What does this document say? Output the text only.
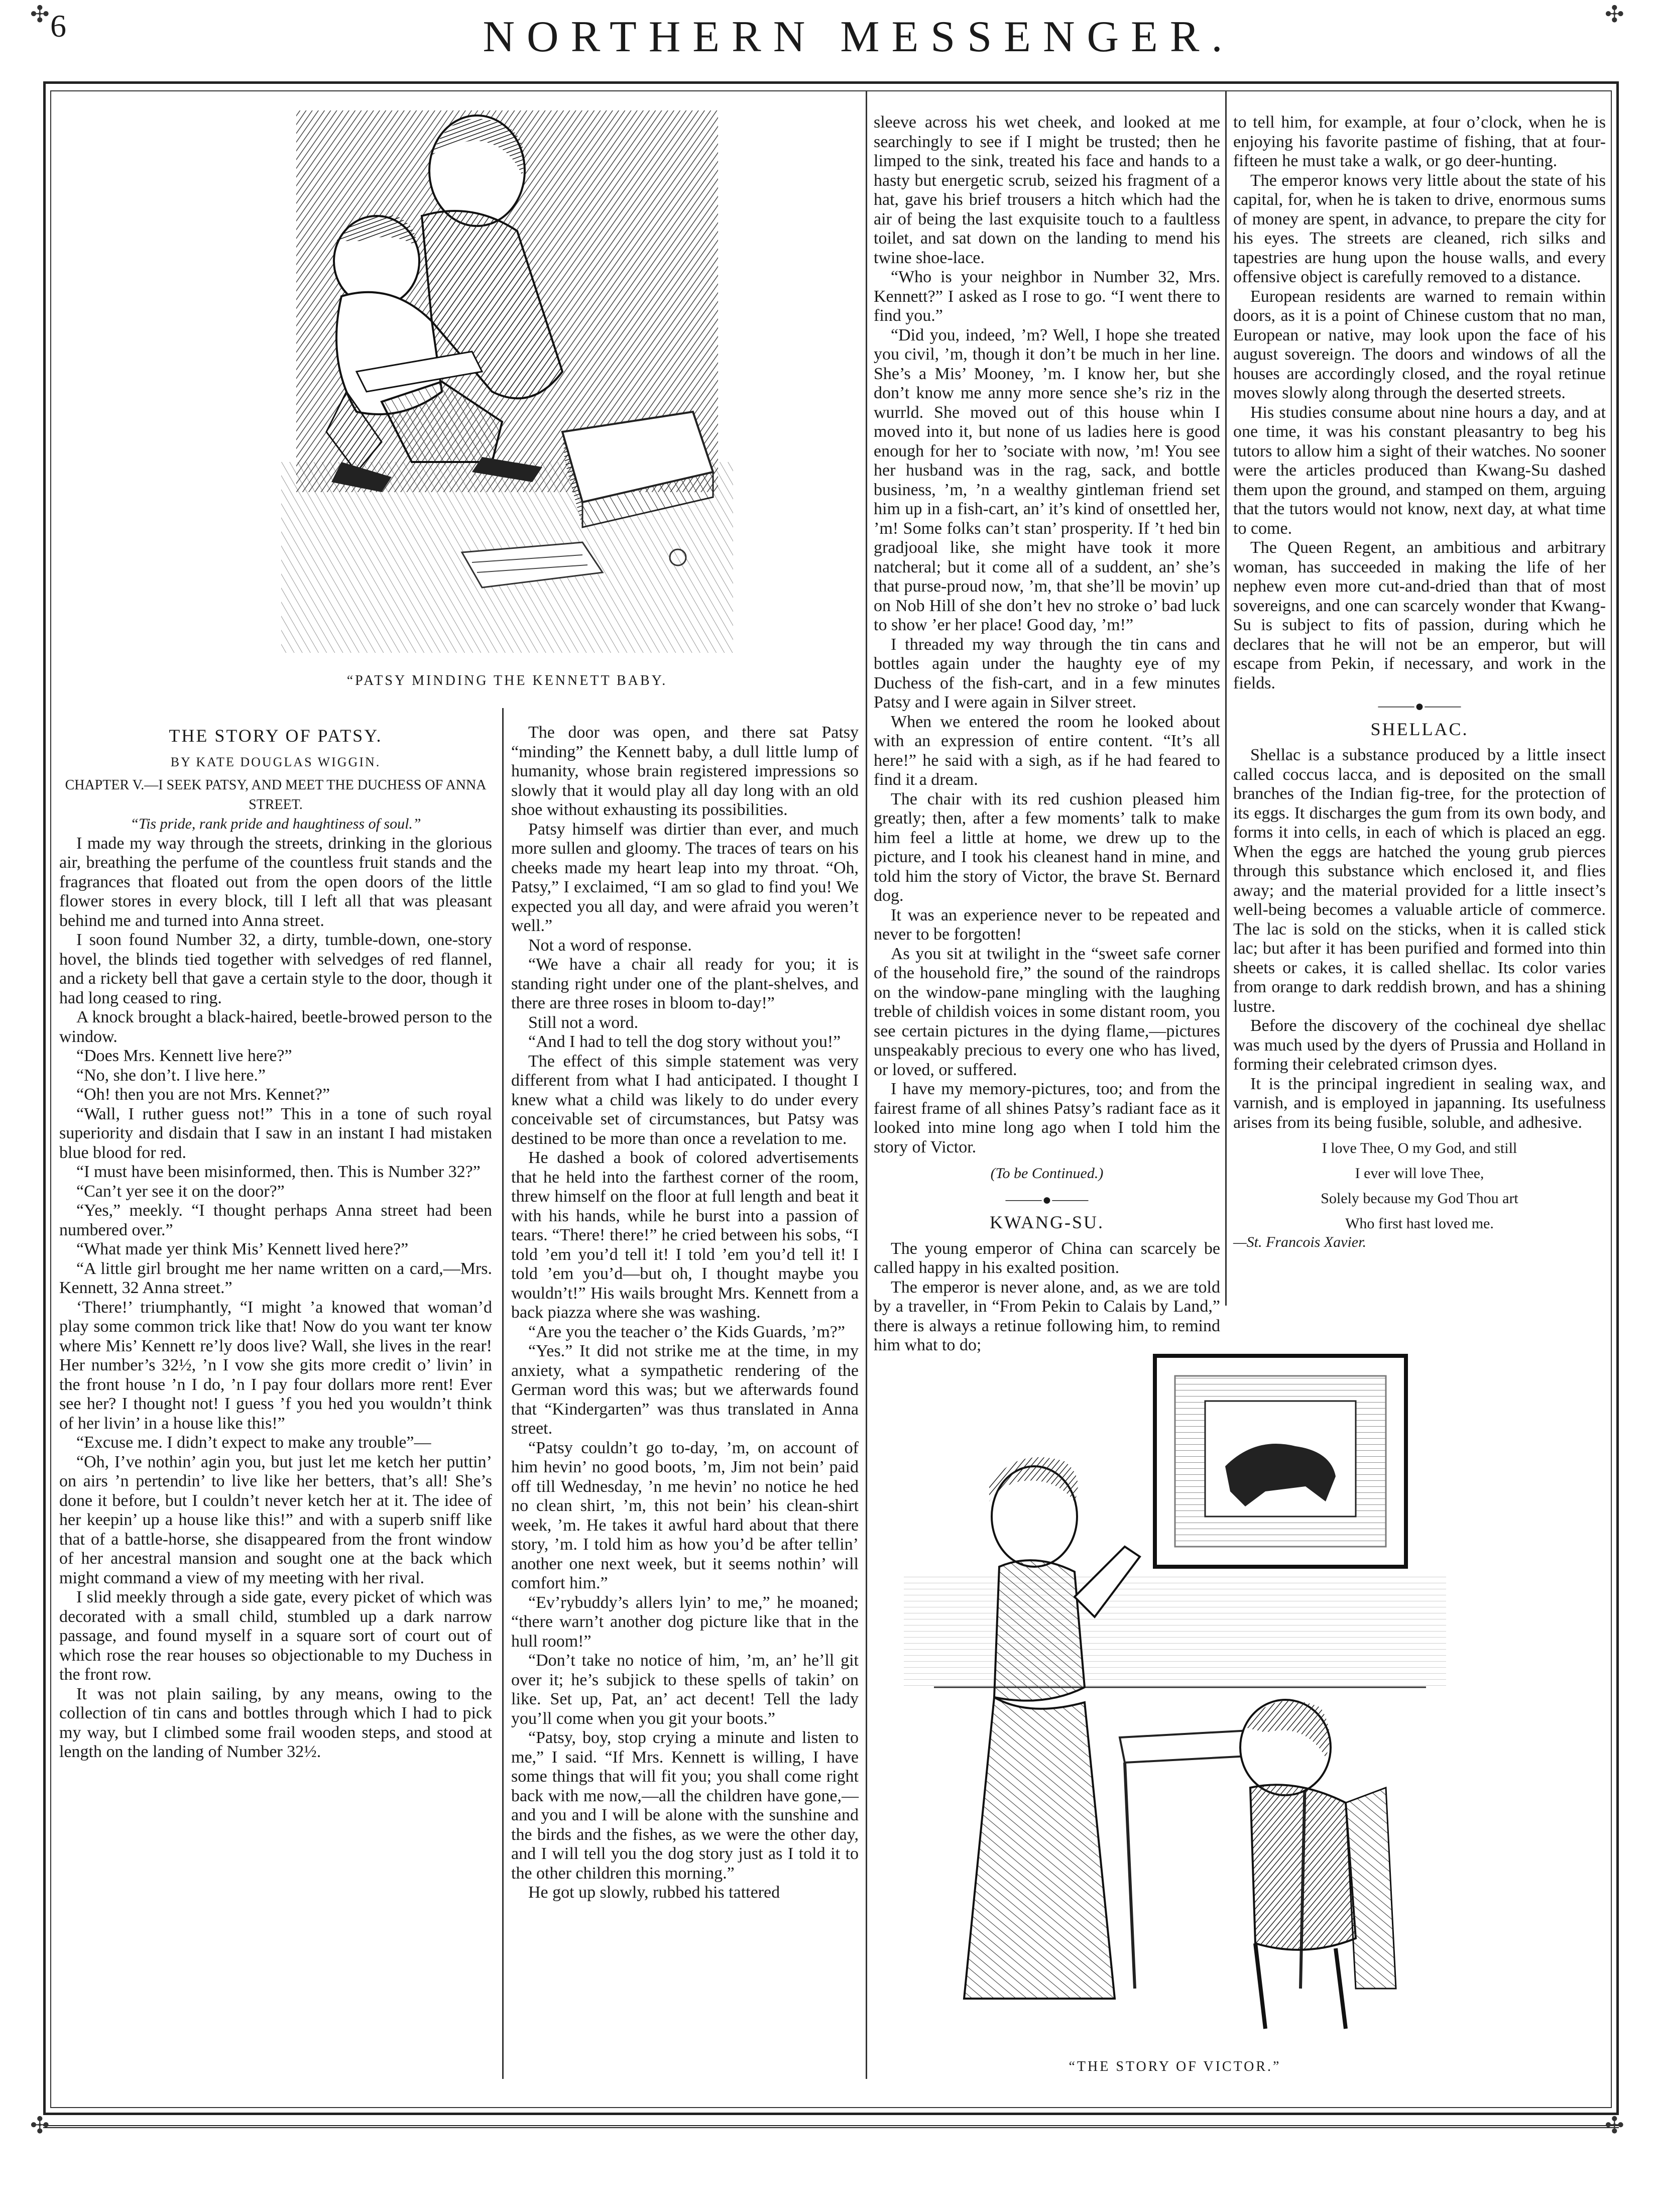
✣	✣
6	NORTHERN MESSENGER.
✣	✣
“PATSY MINDING THE KENNETT BABY.

THE STORY OF PATSY.

BY KATE DOUGLAS WIGGIN.

CHAPTER V.—I SEEK PATSY, AND MEET THE DUCHESS OF ANNA STREET.

“Tis pride, rank pride and haughtiness of soul.”

I made my way through the streets, drinking in the glorious air, breathing the perfume of the countless fruit stands and the fragrances that floated out from the open doors of the little flower stores in every block, till I left all that was pleasant behind me and turned into Anna street.

I soon found Number 32, a dirty, tumble-down, one-story hovel, the blinds tied together with selvedges of red flannel, and a rickety bell that gave a certain style to the door, though it had long ceased to ring.

A knock brought a black-haired, beetle-browed person to the window.

“Does Mrs. Kennett live here?”

“No, she don’t. I live here.”

“Oh! then you are not Mrs. Kennet?”

“Wall, I ruther guess not!” This in a tone of such royal superiority and disdain that I saw in an instant I had mistaken blue blood for red.

“I must have been misinformed, then. This is Number 32?”

“Can’t yer see it on the door?”

“Yes,” meekly. “I thought perhaps Anna street had been numbered over.”

“What made yer think Mis’ Kennett lived here?”

“A little girl brought me her name written on a card,—Mrs. Kennett, 32 Anna street.”

‘There!’ triumphantly, “I might ’a knowed that woman’d play some common trick like that! Now do you want ter know where Mis’ Kennett re’ly doos live? Wall, she lives in the rear! Her number’s 32½, ’n I vow she gits more credit o’ livin’ in the front house ’n I do, ’n I pay four dollars more rent! Ever see her? I thought not! I guess ’f you hed you wouldn’t think of her livin’ in a house like this!”

“Excuse me. I didn’t expect to make any trouble”—

“Oh, I’ve nothin’ agin you, but just let me ketch her puttin’ on airs ’n pertendin’ to live like her betters, that’s all! She’s done it before, but I couldn’t never ketch her at it. The idee of her keepin’ up a house like this!” and with a superb sniff like that of a battle-horse, she disappeared from the front window of her ancestral mansion and sought one at the back which might command a view of my meeting with her rival.

I slid meekly through a side gate, every picket of which was decorated with a small child, stumbled up a dark narrow passage, and found myself in a square sort of court out of which rose the rear houses so objectionable to my Duchess in the front row.

It was not plain sailing, by any means, owing to the collection of tin cans and bottles through which I had to pick my way, but I climbed some frail wooden steps, and stood at length on the landing of Number 32½.

The door was open, and there sat Patsy “minding” the Kennett baby, a dull little lump of humanity, whose brain registered impressions so slowly that it would play all day long with an old shoe without exhausting its possibilities.

Patsy himself was dirtier than ever, and much more sullen and gloomy. The traces of tears on his cheeks made my heart leap into my throat. “Oh, Patsy,” I exclaimed, “I am so glad to find you! We expected you all day, and were afraid you weren’t well.”

Not a word of response.

“We have a chair all ready for you; it is standing right under one of the plant-shelves, and there are three roses in bloom to-day!”

Still not a word.

“And I had to tell the dog story without you!”

The effect of this simple statement was very different from what I had anticipated. I thought I knew what a child was likely to do under every conceivable set of circumstances, but Patsy was destined to be more than once a revelation to me.

He dashed a book of colored advertisements that he held into the farthest corner of the room, threw himself on the floor at full length and beat it with his hands, while he burst into a passion of tears. “There! there!” he cried between his sobs, “I told ’em you’d tell it! I told ’em you’d tell it! I told ’em you’d—but oh, I thought maybe you wouldn’t!” His wails brought Mrs. Kennett from a back piazza where she was washing.

“Are you the teacher o’ the Kids Guards, ’m?”

“Yes.” It did not strike me at the time, in my anxiety, what a sympathetic rendering of the German word this was; but we afterwards found that “Kindergarten” was thus translated in Anna street.

“Patsy couldn’t go to-day, ’m, on account of him hevin’ no good boots, ’m, Jim not bein’ paid off till Wednesday, ’n me hevin’ no notice he hed no clean shirt, ’m, this not bein’ his clean-shirt week, ’m. He takes it awful hard about that there story, ’m. I told him as how you’d be after tellin’ another one next week, but it seems nothin’ will comfort him.”

“Ev’rybuddy’s allers lyin’ to me,” he moaned; “there warn’t another dog picture like that in the hull room!”

“Don’t take no notice of him, ’m, an’ he’ll git over it; he’s subjick to these spells of takin’ on like. Set up, Pat, an’ act decent! Tell the lady you’ll come when you git your boots.”

“Patsy, boy, stop crying a minute and listen to me,” I said. “If Mrs. Kennett is willing, I have some things that will fit you; you shall come right back with me now,—all the children have gone,—and you and I will be alone with the sunshine and the birds and the fishes, as we were the other day, and I will tell you the dog story just as I told it to the other children this morning.”

He got up slowly, rubbed his tattered

sleeve across his wet cheek, and looked at me searchingly to see if I might be trusted; then he limped to the sink, treated his face and hands to a hasty but energetic scrub, seized his fragment of a hat, gave his brief trousers a hitch which had the air of being the last exquisite touch to a faultless toilet, and sat down on the landing to mend his twine shoe-lace.

“Who is your neighbor in Number 32, Mrs. Kennett?” I asked as I rose to go. “I went there to find you.”

“Did you, indeed, ’m? Well, I hope she treated you civil, ’m, though it don’t be much in her line. She’s a Mis’ Mooney, ’m. I know her, but she don’t know me anny more sence she’s riz in the wurrld. She moved out of this house whin I moved into it, but none of us ladies here is good enough for her to ’sociate with now, ’m! You see her husband was in the rag, sack, and bottle business, ’m, ’n a wealthy gintleman friend set him up in a fish-cart, an’ it’s kind of onsettled her, ’m! Some folks can’t stan’ prosperity. If ’t hed bin gradjooal like, she might have took it more natcheral; but it come all of a suddent, an’ she’s that purse-proud now, ’m, that she’ll be movin’ up on Nob Hill of she don’t hev no stroke o’ bad luck to show ’er her place! Good day, ’m!”

I threaded my way through the tin cans and bottles again under the haughty eye of my Duchess of the fish-cart, and in a few minutes Patsy and I were again in Silver street.

When we entered the room he looked about with an expression of entire content. “It’s all here!” he said with a sigh, as if he had feared to find it a dream.

The chair with its red cushion pleased him greatly; then, after a few moments’ talk to make him feel a little at home, we drew up to the picture, and I took his cleanest hand in mine, and told him the story of Victor, the brave St. Bernard dog.

It was an experience never to be repeated and never to be forgotten!

As you sit at twilight in the “sweet safe corner of the household fire,” the sound of the raindrops on the window-pane mingling with the laughing treble of childish voices in some distant room, you see certain pictures in the dying flame,—pictures unspeakably precious to every one who has lived, or loved, or suffered.

I have my memory-pictures, too; and from the fairest frame of all shines Patsy’s radiant face as it looked into mine long ago when I told him the story of Victor.

(To be Continued.)

⸻●⸻

KWANG-SU.

The young emperor of China can scarcely be called happy in his exalted position.

The emperor is never alone, and, as we are told by a traveller, in “From Pekin to Calais by Land,” there is always a retinue following him, to remind him what to do;

to tell him, for example, at four o’clock, when he is enjoying his favorite pastime of fishing, that at four-fifteen he must take a walk, or go deer-hunting.

The emperor knows very little about the state of his capital, for, when he is taken to drive, enormous sums of money are spent, in advance, to prepare the city for his eyes. The streets are cleaned, rich silks and tapestries are hung upon the house walls, and every offensive object is carefully removed to a distance.

European residents are warned to remain within doors, as it is a point of Chinese custom that no man, European or native, may look upon the face of his august sovereign. The doors and windows of all the houses are accordingly closed, and the royal retinue moves slowly along through the deserted streets.

His studies consume about nine hours a day, and at one time, it was his constant pleasantry to beg his tutors to allow him a sight of their watches. No sooner were the articles produced than Kwang-Su dashed them upon the ground, and stamped on them, arguing that the tutors would not know, next day, at what time to come.

The Queen Regent, an ambitious and arbitrary woman, has succeeded in making the life of her nephew even more cut-and-dried than that of most sovereigns, and one can scarcely wonder that Kwang-Su is subject to fits of passion, during which he declares that he will not be an emperor, but will escape from Pekin, if necessary, and work in the fields.

⸻●⸻

SHELLAC.

Shellac is a substance produced by a little insect called coccus lacca, and is deposited on the small branches of the Indian fig-tree, for the protection of its eggs. It discharges the gum from its own body, and forms it into cells, in each of which is placed an egg. When the eggs are hatched the young grub pierces through this substance which enclosed it, and flies away; and the material provided for a little insect’s well-being becomes a valuable article of commerce. The lac is sold on the sticks, when it is called stick lac; but after it has been purified and formed into thin sheets or cakes, it is called shellac. Its color varies from orange to dark reddish brown, and has a shining lustre.

Before the discovery of the cochineal dye shellac was much used by the dyers of Prussia and Holland in forming their celebrated crimson dyes.

It is the principal ingredient in sealing wax, and varnish, and is employed in japanning. Its usefulness arises from its being fusible, soluble, and adhesive.

I love Thee, O my God, and still

I ever will love Thee,

Solely because my God Thou art

Who first hast loved me.

—St. Francois Xavier.

“THE STORY OF VICTOR.”
